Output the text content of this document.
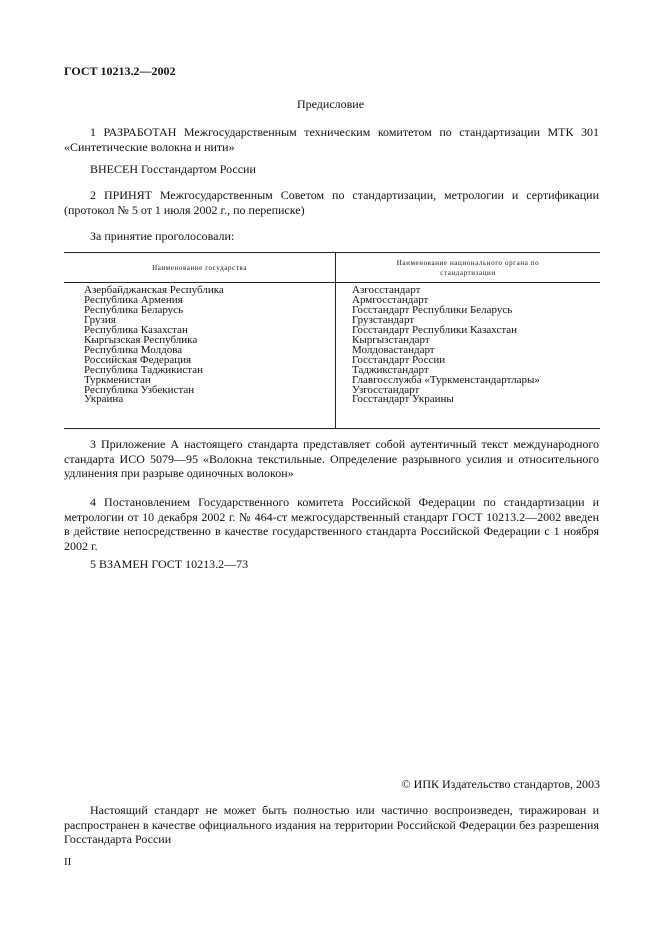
ГОСТ 10213.2—2002
Предисловие

1 РАЗРАБОТАН Межгосударственным техническим комитетом по стандартизации МТК 301 «Синтетические волокна и нити»

ВНЕСЕН Госстандартом России

2 ПРИНЯТ Межгосударственным Советом по стандартизации, метрологии и сертификации (протокол № 5 от 1 июля 2002 г., по переписке)

За принятие проголосовали:

Наименование государства
Наименование национального органа по стандартизации
Азербайджанская Республика
Республика Армения
Республика Беларусь
Грузия
Республика Казахстан
Кыргызская Республика
Республика Молдова
Российская Федерация
Республика Таджикистан
Туркменистан
Республика Узбекистан
Украина
Азгосстандарт
Армгосстандарт
Госстандарт Республики Беларусь
Грузстандарт
Госстандарт Республики Казахстан
Кыргызстандарт
Молдовастандарт
Госстандарт России
Таджикстандарт
Главгосслужба «Туркменстандартлары»
Узгосстандарт
Госстандарт Украины

3 Приложение А настоящего стандарта представляет собой аутентичный текст международного стандарта ИСО 5079—95 «Волокна текстильные. Определение разрывного усилия и относительного удлинения при разрыве одиночных волокон»

4 Постановлением Государственного комитета Российской Федерации по стандартизации и метрологии от 10 декабря 2002 г. № 464-ст межгосударственный стандарт ГОСТ 10213.2—2002 введен в действие непосредственно в качестве государственного стандарта Российской Федерации с 1 ноября 2002 г.

5 ВЗАМЕН ГОСТ 10213.2—73

© ИПК Издательство стандартов, 2003

Настоящий стандарт не может быть полностью или частично воспроизведен, тиражирован и распространен в качестве официального издания на территории Российской Федерации без разрешения Госстандарта России

II
